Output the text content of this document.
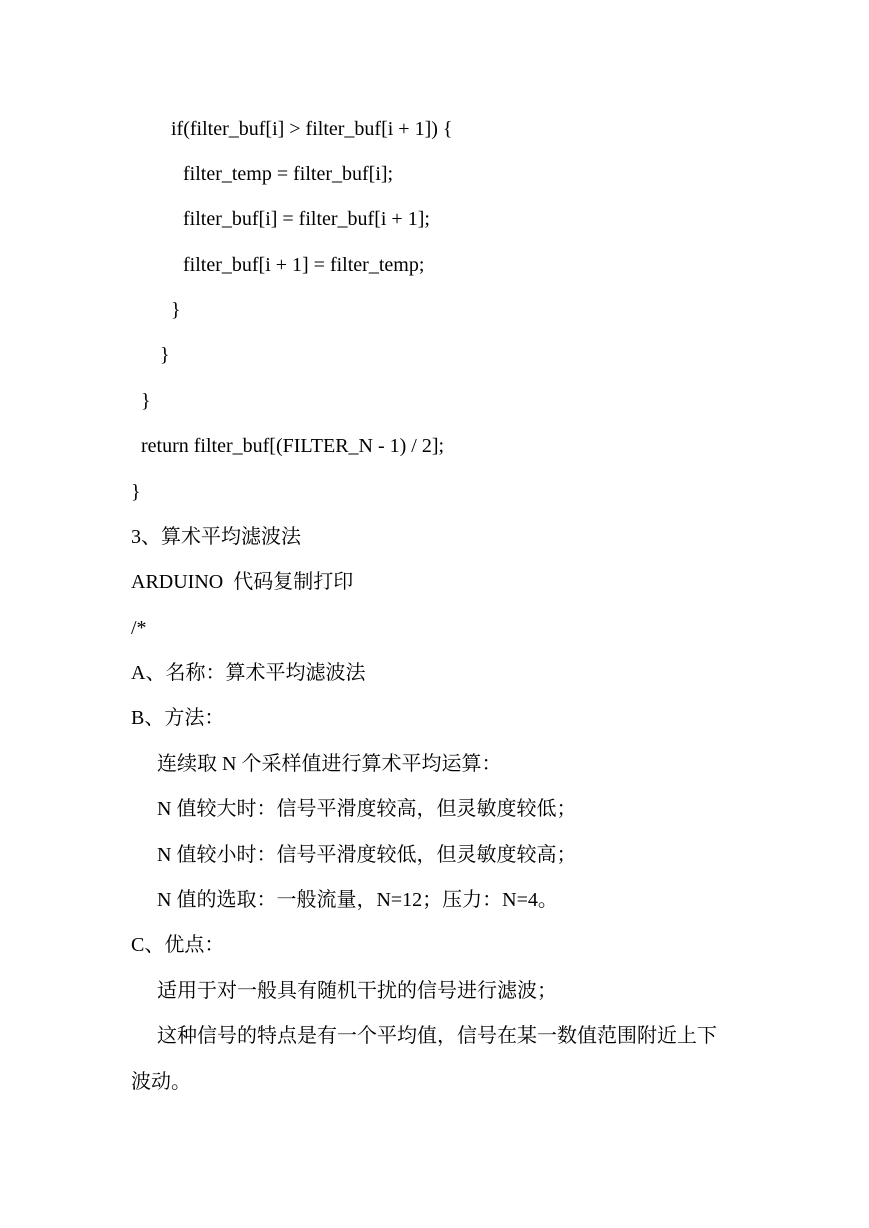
if(filter_buf[i] > filter_buf[i + 1]) {
filter_temp = filter_buf[i];
filter_buf[i] = filter_buf[i + 1];
filter_buf[i + 1] = filter_temp;
}
}
}
return filter_buf[(FILTER_N - 1) / 2];
}
3、算术平均滤波法
ARDUINO  代码复制打印
/*
A、名称：算术平均滤波法
B、方法：
连续取 N 个采样值进行算术平均运算：
N 值较大时：信号平滑度较高，但灵敏度较低；
N 值较小时：信号平滑度较低，但灵敏度较高；
N 值的选取：一般流量，N=12；压力：N=4。
C、优点：
适用于对一般具有随机干扰的信号进行滤波；
这种信号的特点是有一个平均值，信号在某一数值范围附近上下
波动。
